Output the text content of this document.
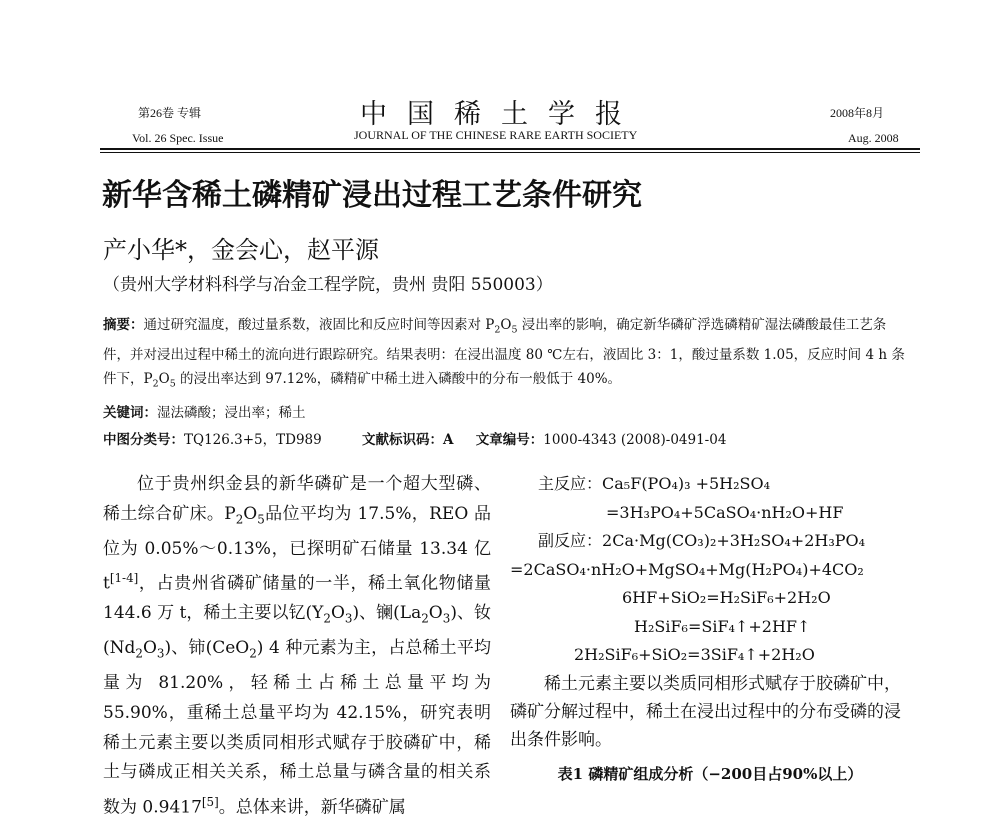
第26卷 专辑
Vol. 26 Spec. Issue
中国稀土学报
JOURNAL OF THE CHINESE RARE EARTH SOCIETY
2008年8月
Aug. 2008
新华含稀土磷精矿浸出过程工艺条件研究
产小华*，金会心，赵平源
（贵州大学材料科学与冶金工程学院，贵州 贵阳 550003）
摘要：通过研究温度，酸过量系数，液固比和反应时间等因素对 $P_2O_5$ 浸出率的影响，确定新华磷矿浮选磷精矿湿法磷酸最佳工艺条件，并对浸出过程中稀土的流向进行跟踪研究。结果表明：在浸出温度 80 ℃左右，液固比 3：1，酸过量系数 1.05，反应时间 4 h 条件下，$P_2O_5$ 的浸出率达到 97.12%，磷精矿中稀土进入磷酸中的分布一般低于 40%。
关键词：湿法磷酸；浸出率；稀土
中图分类号：TQ126.3+5，TD989	文献标识码：A 文章编号：1000-4343 (2008)-0491-04

位于贵州织金县的新华磷矿是一个超大型磷、稀土综合矿床。$P_2O_5$品位平均为 17.5%，REO 品位为 0.05%～0.13%，已探明矿石储量 13.34 亿 t[1-4]，占贵州省磷矿储量的一半，稀土氧化物储量 144.6 万 t，稀土主要以钇$(Y_2O_3)$、镧$(La_2O_3)$、钕$(Nd_2O_3)$、铈(CeO$_2$) 4 种元素为主，占总稀土平均量为 81.20%，轻稀土占稀土总量平均为 55.90%，重稀土总量平均为 42.15%，研究表明稀土元素主要以类质同相形式赋存于胶磷矿中，稀土与磷成正相关关系，稀土总量与磷含量的相关系数为 0.9417[5]。总体来讲，新华磷矿属

主反应：Ca₅F(PO₄)₃ +5H₂SO₄
=3H₃PO₄+5CaSO₄·nH₂O+HF
副反应：2Ca·Mg(CO₃)₂+3H₂SO₄+2H₃PO₄
=2CaSO₄·nH₂O+MgSO₄+Mg(H₂PO₄)+4CO₂
6HF+SiO₂=H₂SiF₆+2H₂O
H₂SiF₆=SiF₄↑+2HF↑
2H₂SiF₆+SiO₂=3SiF₄↑+2H₂O

稀土元素主要以类质同相形式赋存于胶磷矿中，磷矿分解过程中，稀土在浸出过程中的分布受磷的浸出条件影响。

表1 磷精矿组成分析（−200目占90%以上）
